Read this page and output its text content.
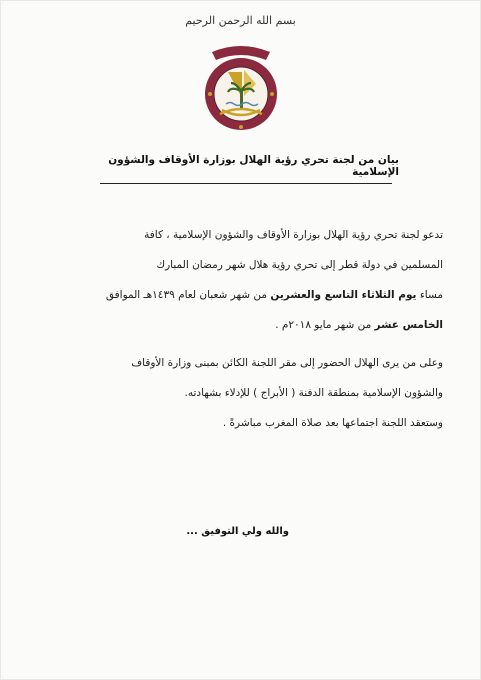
بسم الله الرحمن الرحيم
بيان من لجنة تحري رؤية الهلال بوزارة الأوقاف والشؤون الإسلامية
تدعو لجنة تحري رؤية الهلال بوزارة الأوقاف والشؤون الإسلامية ، كافة
المسلمين في دولة قطر إلى تحري رؤية هلال شهر رمضان المبارك
مساء يوم الثلاثاء التاسع والعشرين من شهر شعبان لعام ١٤٣٩هـ الموافق
الخامس عشر من شهر مايو ٢٠١٨م .
وعلى من يرى الهلال الحضور إلى مقر اللجنة الكائن بمبنى وزارة الأوقاف
والشؤون الإسلامية بمنطقة الدفنة ( الأبراج ) للإدلاء بشهادته.
وستعقد اللجنة اجتماعها بعد صلاة المغرب مباشرةً .
والله ولي التوفيق ...
